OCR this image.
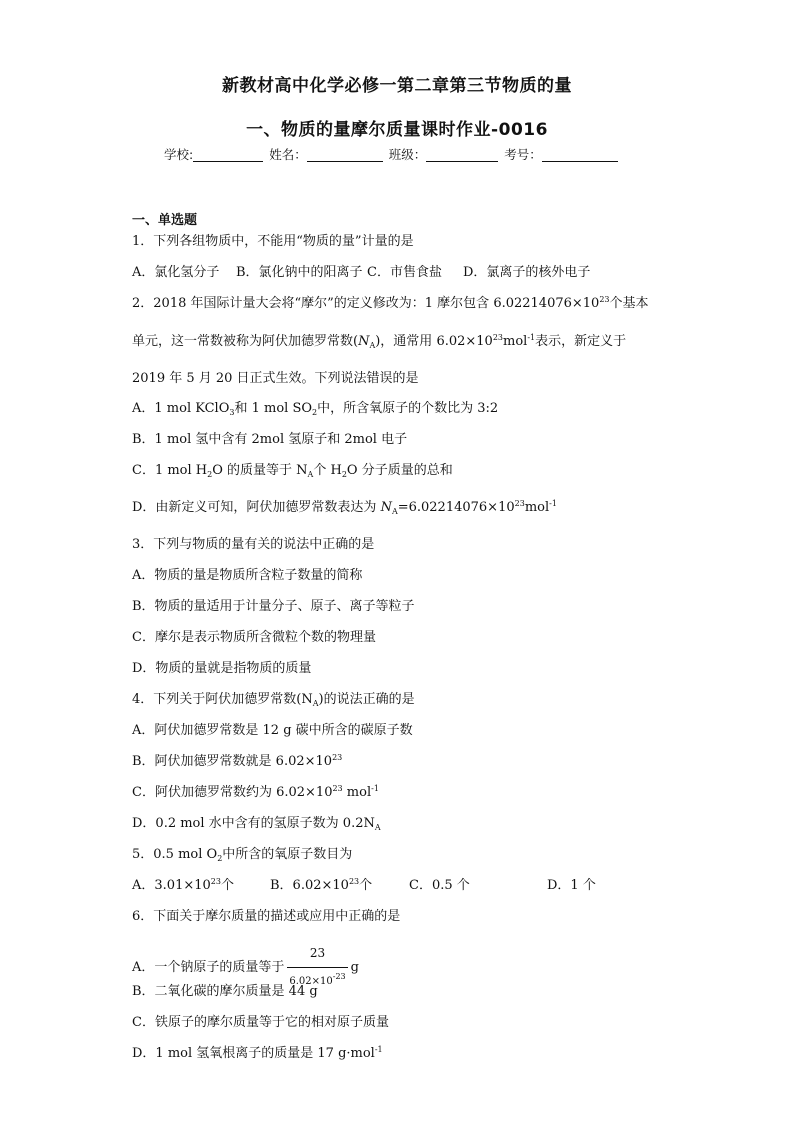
新教材高中化学必修一第二章第三节物质的量
一、物质的量摩尔质量课时作业-0016
学校:	姓名：	班级：	考号：
一、单选题
1．下列各组物质中，不能用“物质的量”计量的是
A．氯化氢分子 B．氯化钠中的阳离子 C．市售食盐 D．氯离子的核外电子
2．2018 年国际计量大会将“摩尔”的定义修改为：1 摩尔包含 $6.02214076\times 10^{23}$个基本
单元，这一常数被称为阿伏加德罗常数$(N_A)$，通常用 $6.02\times 10^{23}mol^{-1}$表示，新定义于
2019 年 5 月 20 日正式生效。下列说法错误的是
A．1 mol KClO$_3$和 1 mol $SO_2$中，所含氧原子的个数比为 3:2
B．1 mol 氢中含有 2mol 氢原子和 2mol 电子
C．1 mol $H_2O$ 的质量等于 $N_A$个 $H_2O$ 分子质量的总和
D．由新定义可知，阿伏加德罗常数表达为 $N_A=6.02214076\times 10^{23}mol^{-1}$
3．下列与物质的量有关的说法中正确的是
A．物质的量是物质所含粒子数量的简称
B．物质的量适用于计量分子、原子、离子等粒子
C．摩尔是表示物质所含微粒个数的物理量
D．物质的量就是指物质的质量
4．下列关于阿伏加德罗常数$(N_A)$的说法正确的是
A．阿伏加德罗常数是 12 g 碳中所含的碳原子数
B．阿伏加德罗常数就是 $6.02\times 10^{23}$
C．阿伏加德罗常数约为 $6.02\times 10^{23}$ mol$^{-1}$
D．0.2 mol 水中含有的氢原子数为 $0.2N_A$
5．0.5 mol $O_2$中所含的氧原子数目为
A．$3.01\times 10^{23}$个	B．$6.02\times 10^{23}$个	C．0.5 个	D．1 个
6．下面关于摩尔质量的描述或应用中正确的是
A．一个钠原子的质量等于 $\frac{23}{6.02\times 10^{-23}}$ g
B．二氧化碳的摩尔质量是 44 g
C．铁原子的摩尔质量等于它的相对原子质量
D．1 mol 氢氧根离子的质量是 17 g·mol$^{-1}$
